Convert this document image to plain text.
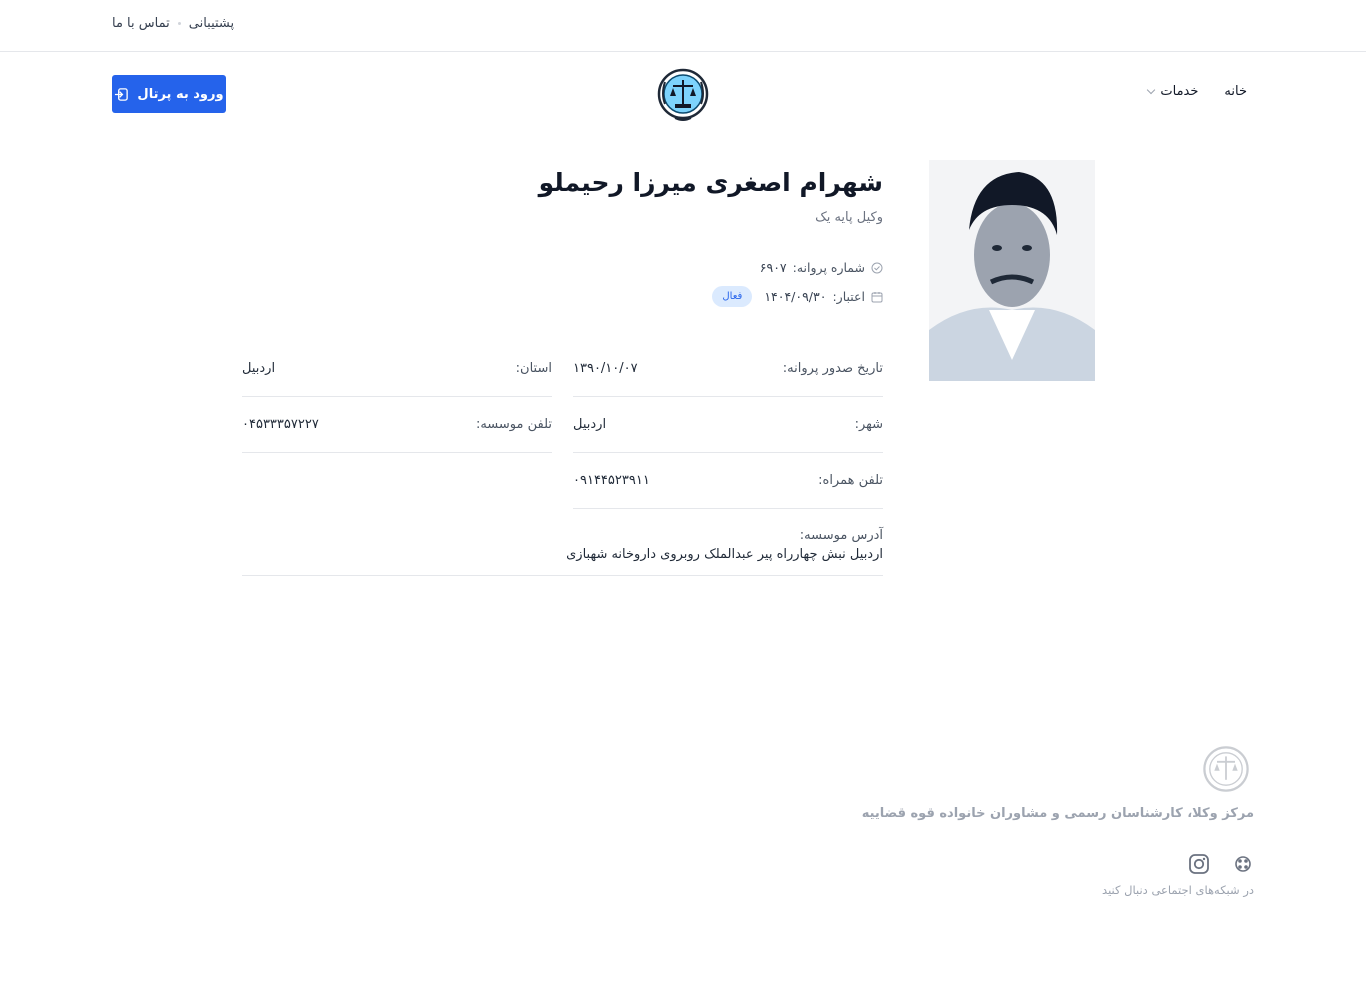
پشتیبانی
تماس با ما
خانه
خدمات
ورود به پرتال
شهرام اصغری میرزا رحیملو
وکیل پایه یک
شماره پروانه:
۶۹۰۷
اعتبار:
۱۴۰۴/۰۹/۳۰
فعال
تاریخ صدور پروانه:
۱۳۹۰/۱۰/۰۷
استان:
اردبیل
شهر:
اردبیل
تلفن موسسه:
۰۴۵۳۳۳۵۷۲۲۷
تلفن همراه:
۰۹۱۴۴۵۲۳۹۱۱
آدرس موسسه:
اردبیل نبش چهارراه پیر عبدالملک روبروی داروخانه شهبازی
مرکز وکلا، کارشناسان رسمی و مشاوران خانواده قوه قضاییه
در شبکه‌های اجتماعی دنبال کنید
